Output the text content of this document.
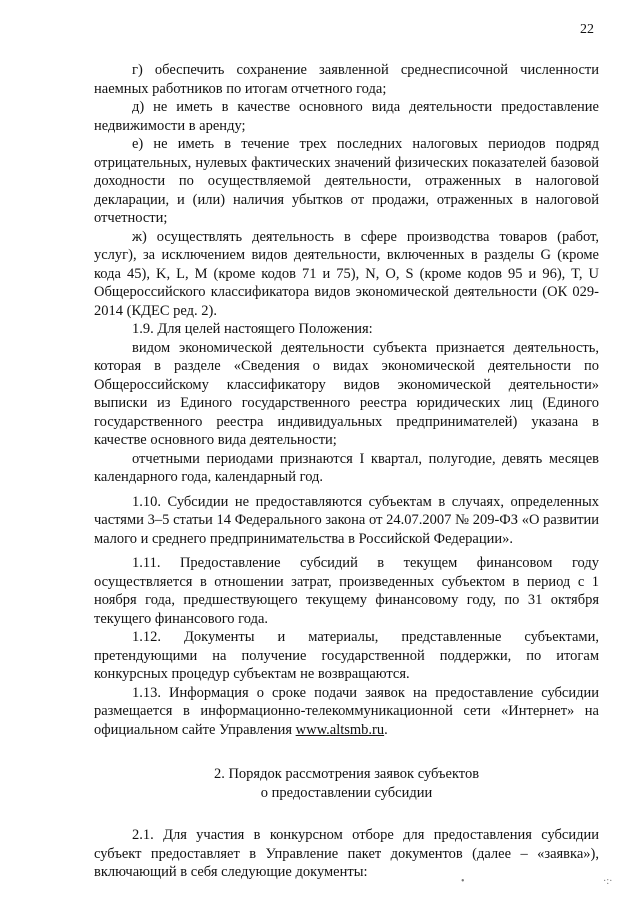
22

г) обеспечить сохранение заявленной среднесписочной численности наемных работников по итогам отчетного года;

д) не иметь в качестве основного вида деятельности предоставление недвижимости в аренду;

е) не иметь в течение трех последних налоговых периодов подряд отрицательных, нулевых фактических значений физических показателей базовой доходности по осуществляемой деятельности, отраженных в налоговой декларации, и (или) наличия убытков от продажи, отраженных в налоговой отчетности;

ж) осуществлять деятельность в сфере производства товаров (работ, услуг), за исключением видов деятельности, включенных в разделы G (кроме кода 45), K, L, M (кроме кодов 71 и 75), N, O, S (кроме кодов 95 и 96), T, U Общероссийского классификатора видов экономической деятельности (ОК 029-2014 (КДЕС ред. 2).

1.9. Для целей настоящего Положения:

видом экономической деятельности субъекта признается деятельность, которая в разделе «Сведения о видах экономической деятельности по Общероссийскому классификатору видов экономической деятельности» выписки из Единого государственного реестра юридических лиц (Единого государственного реестра индивидуальных предпринимателей) указана в качестве основного вида деятельности;

отчетными периодами признаются I квартал, полугодие, девять месяцев календарного года, календарный год.

1.10. Субсидии не предоставляются субъектам в случаях, определенных частями 3–5 статьи 14 Федерального закона от 24.07.2007 № 209-ФЗ «О развитии малого и среднего предпринимательства в Российской Федерации».

1.11. Предоставление субсидий в текущем финансовом году осуществляется в отношении затрат, произведенных субъектом в период с 1 ноября года, предшествующего текущему финансовому году, по 31 октября текущего финансового года.

1.12. Документы и материалы, представленные субъектами, претендующими на получение государственной поддержки, по итогам конкурсных процедур субъектам не возвращаются.

1.13. Информация о сроке подачи заявок на предоставление субсидии размещается в информационно-телекоммуникационной сети «Интернет» на официальном сайте Управления www.altsmb.ru.

2. Порядок рассмотрения заявок субъектов
о предоставлении субсидии

2.1. Для участия в конкурсном отборе для предоставления субсидии субъект предоставляет в Управление пакет документов (далее – «заявка»), включающий в себя следующие документы:

•	·:·
